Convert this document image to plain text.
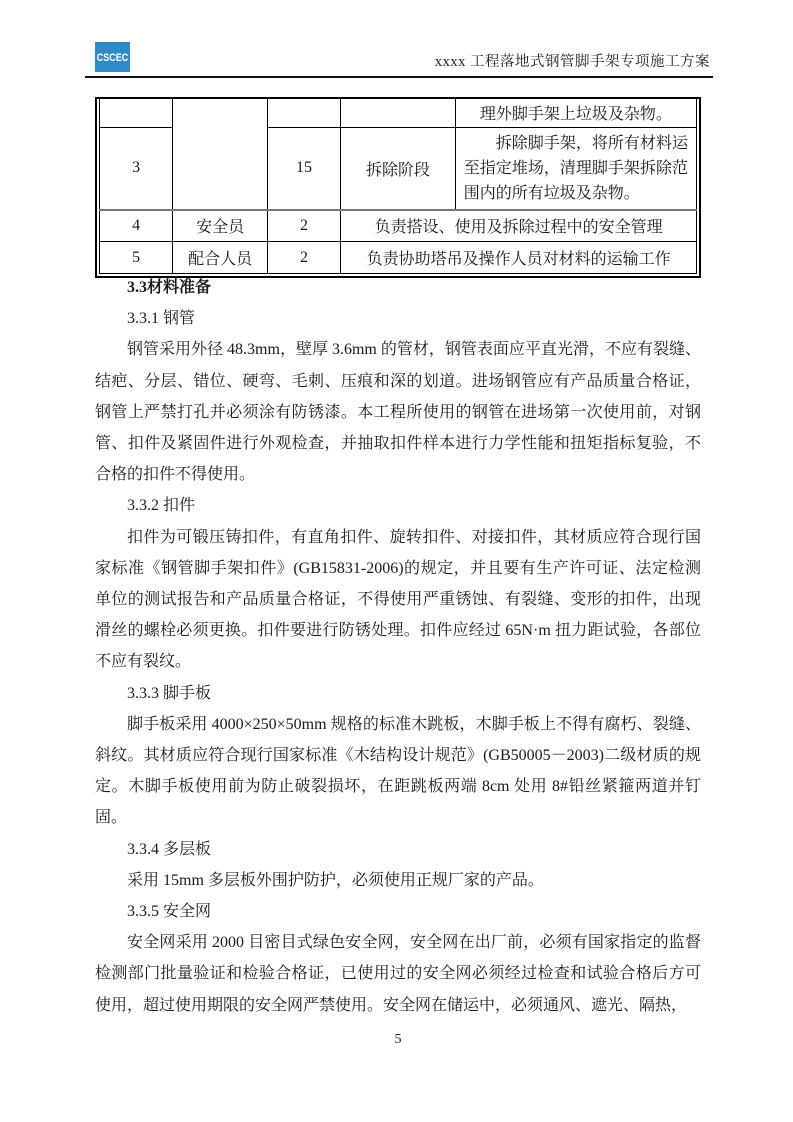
CSCEC	xxxx 工程落地式钢管脚手架专项施工方案
				理外脚手架上垃圾及杂物。
3		15	拆除阶段	拆除脚手架，将所有材料运至指定堆场，清理脚手架拆除范围内的所有垃圾及杂物。

4	安全员	2	负责搭设、使用及拆除过程中的安全管理	
5	配合人员	2	负责协助塔吊及操作人员对材料的运输工作	
3.3材料准备
3.3.1 钢管
钢管采用外径 48.3mm，壁厚 3.6mm 的管材，钢管表面应平直光滑，不应有裂缝、结疤、分层、错位、硬弯、毛刺、压痕和深的划道。进场钢管应有产品质量合格证，钢管上严禁打孔并必须涂有防锈漆。本工程所使用的钢管在进场第一次使用前，对钢管、扣件及紧固件进行外观检查，并抽取扣件样本进行力学性能和扭矩指标复验，不合格的扣件不得使用。
3.3.2 扣件
扣件为可锻压铸扣件，有直角扣件、旋转扣件、对接扣件，其材质应符合现行国家标准《钢管脚手架扣件》(GB15831-2006)的规定，并且要有生产许可证、法定检测单位的测试报告和产品质量合格证，不得使用严重锈蚀、有裂缝、变形的扣件，出现滑丝的螺栓必须更换。扣件要进行防锈处理。扣件应经过 65N·m 扭力距试验，各部位不应有裂纹。
3.3.3 脚手板
脚手板采用 4000×250×50mm 规格的标准木跳板，木脚手板上不得有腐朽、裂缝、斜纹。其材质应符合现行国家标准《木结构设计规范》(GB50005－2003)二级材质的规定。木脚手板使用前为防止破裂损坏，在距跳板两端 8cm 处用 8#铅丝紧箍两道并钉固。
3.3.4 多层板
采用 15mm 多层板外围护防护，必须使用正规厂家的产品。
3.3.5 安全网
安全网采用 2000 目密目式绿色安全网，安全网在出厂前，必须有国家指定的监督检测部门批量验证和检验合格证，已使用过的安全网必须经过检查和试验合格后方可使用，超过使用期限的安全网严禁使用。安全网在储运中，必须通风、遮光、隔热，
5
